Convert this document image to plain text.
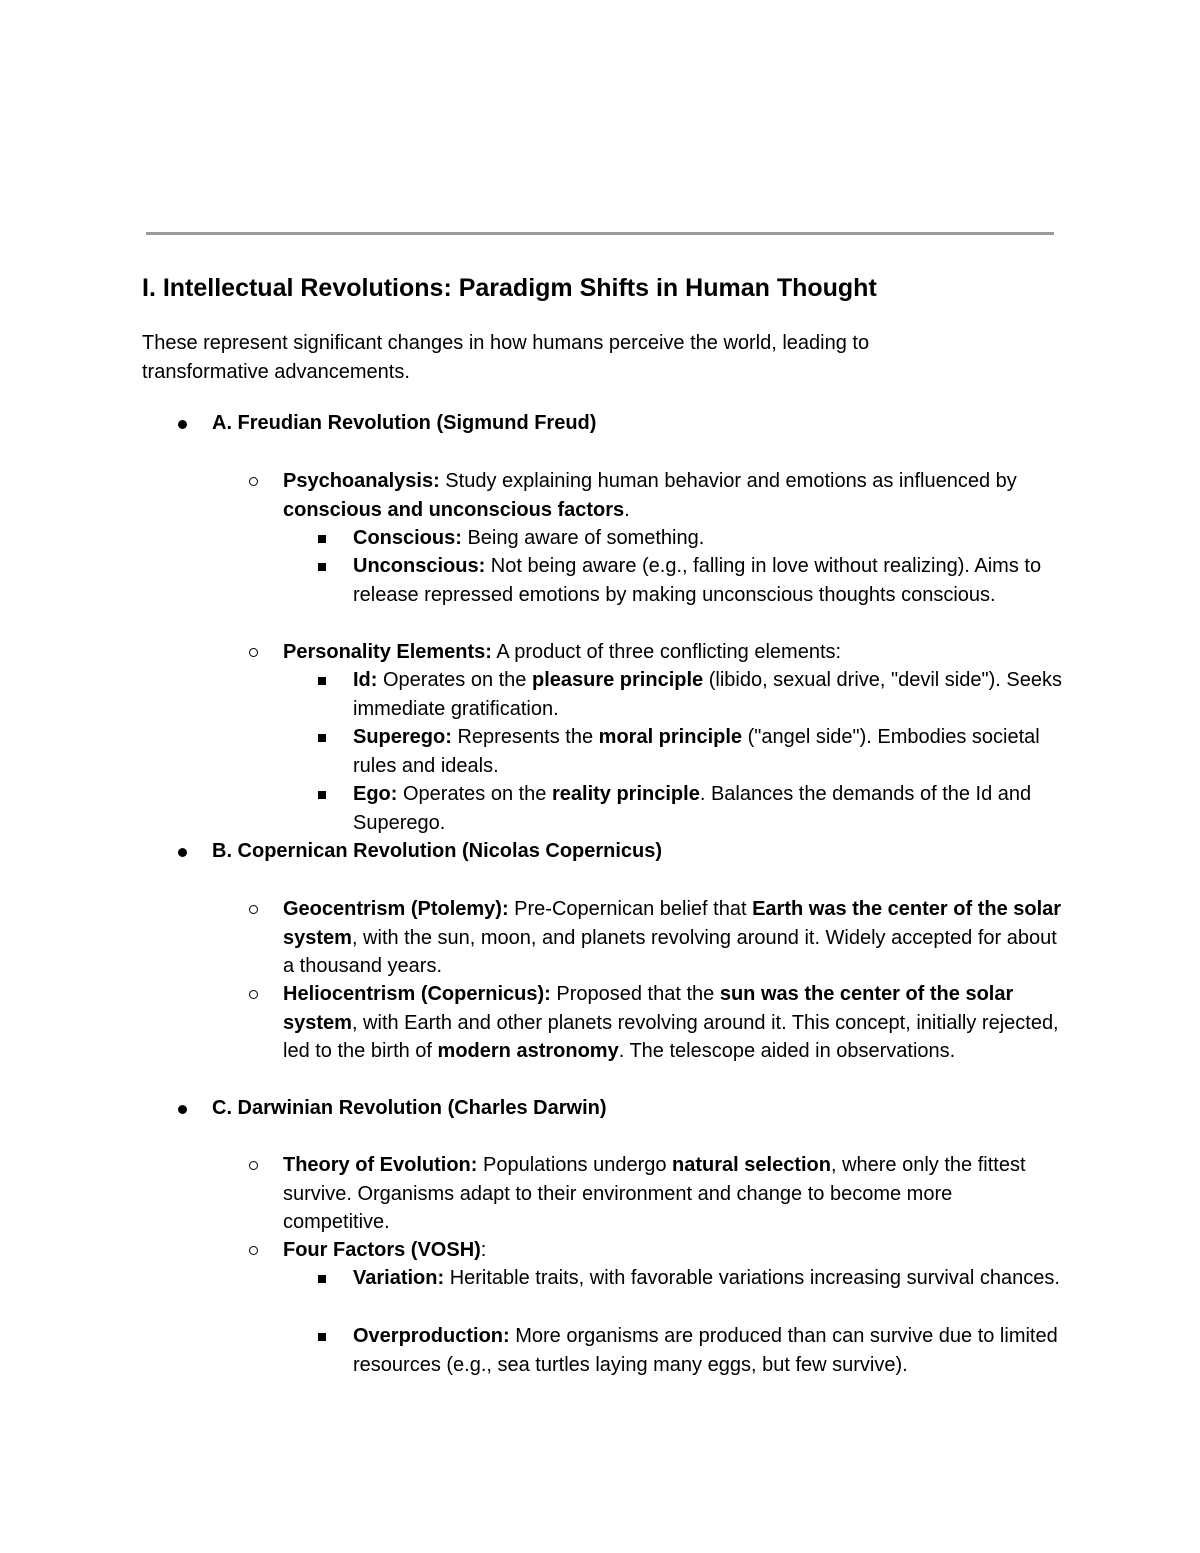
I. Intellectual Revolutions: Paradigm Shifts in Human Thought

These represent significant changes in how humans perceive the world, leading to transformative advancements.

A. Freudian Revolution (Sigmund Freud)
Psychoanalysis: Study explaining human behavior and emotions as influenced by conscious and unconscious factors.
Conscious: Being aware of something.
Unconscious: Not being aware (e.g., falling in love without realizing). Aims to release repressed emotions by making unconscious thoughts conscious.
Personality Elements: A product of three conflicting elements:
Id: Operates on the pleasure principle (libido, sexual drive, "devil side"). Seeks immediate gratification.
Superego: Represents the moral principle ("angel side"). Embodies societal rules and ideals.
Ego: Operates on the reality principle. Balances the demands of the Id and Superego.
B. Copernican Revolution (Nicolas Copernicus)
Geocentrism (Ptolemy): Pre-Copernican belief that Earth was the center of the solar system, with the sun, moon, and planets revolving around it. Widely accepted for about a thousand years.
Heliocentrism (Copernicus): Proposed that the sun was the center of the solar system, with Earth and other planets revolving around it. This concept, initially rejected, led to the birth of modern astronomy. The telescope aided in observations.
C. Darwinian Revolution (Charles Darwin)
Theory of Evolution: Populations undergo natural selection, where only the fittest survive. Organisms adapt to their environment and change to become more competitive.
Four Factors (VOSH):
Variation: Heritable traits, with favorable variations increasing survival chances.
Overproduction: More organisms are produced than can survive due to limited resources (e.g., sea turtles laying many eggs, but few survive).
